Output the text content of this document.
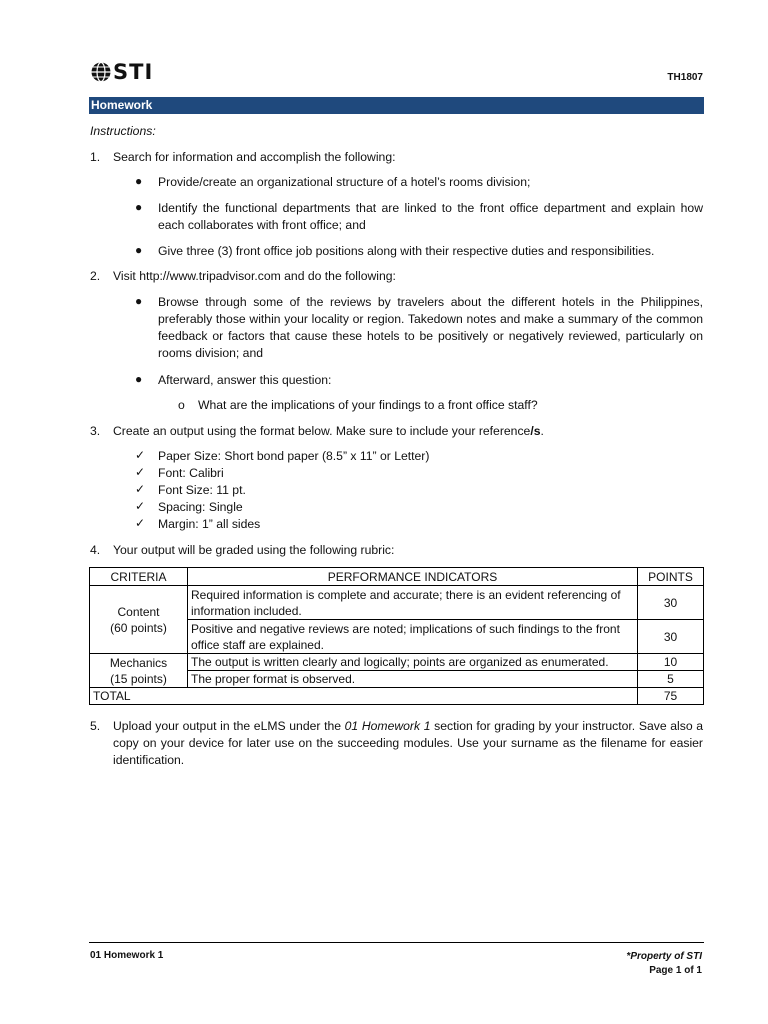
STI	TH1807
Homework
Instructions:
1.	Search for information and accomplish the following:
● Provide/create an organizational structure of a hotel’s rooms division;
● Identify the functional departments that are linked to the front office department and explain how each collaborates with front office; and
● Give three (3) front office job positions along with their respective duties and responsibilities.
2.	Visit http://www.tripadvisor.com and do the following:
● Browse through some of the reviews by travelers about the different hotels in the Philippines, preferably those within your locality or region. Takedown notes and make a summary of the common feedback or factors that cause these hotels to be positively or negatively reviewed, particularly on rooms division; and
● Afterward, answer this question:
o What are the implications of your findings to a front office staff?
3.	Create an output using the format below. Make sure to include your reference/s.
✓ Paper Size: Short bond paper (8.5” x 11” or Letter)
✓ Font: Calibri
✓ Font Size: 11 pt.
✓ Spacing: Single
✓ Margin: 1” all sides
4.	Your output will be graded using the following rubric:
CRITERIA	PERFORMANCE INDICATORS	POINTS

Content
(60 points)	Required information is complete and accurate; there is an evident referencing of information included.	30
	Positive and negative reviews are noted; implications of such findings to the front office staff are explained.	30

Mechanics
(15 points)	The output is written clearly and logically; points are organized as enumerated.	10
	The proper format is observed.	5
TOTAL		75
5.	Upload your output in the eLMS under the 01 Homework 1 section for grading by your instructor. Save also a copy on your device for later use on the succeeding modules. Use your surname as the filename for easier identification.
01 Homework 1	*Property of STI
Page 1 of 1
